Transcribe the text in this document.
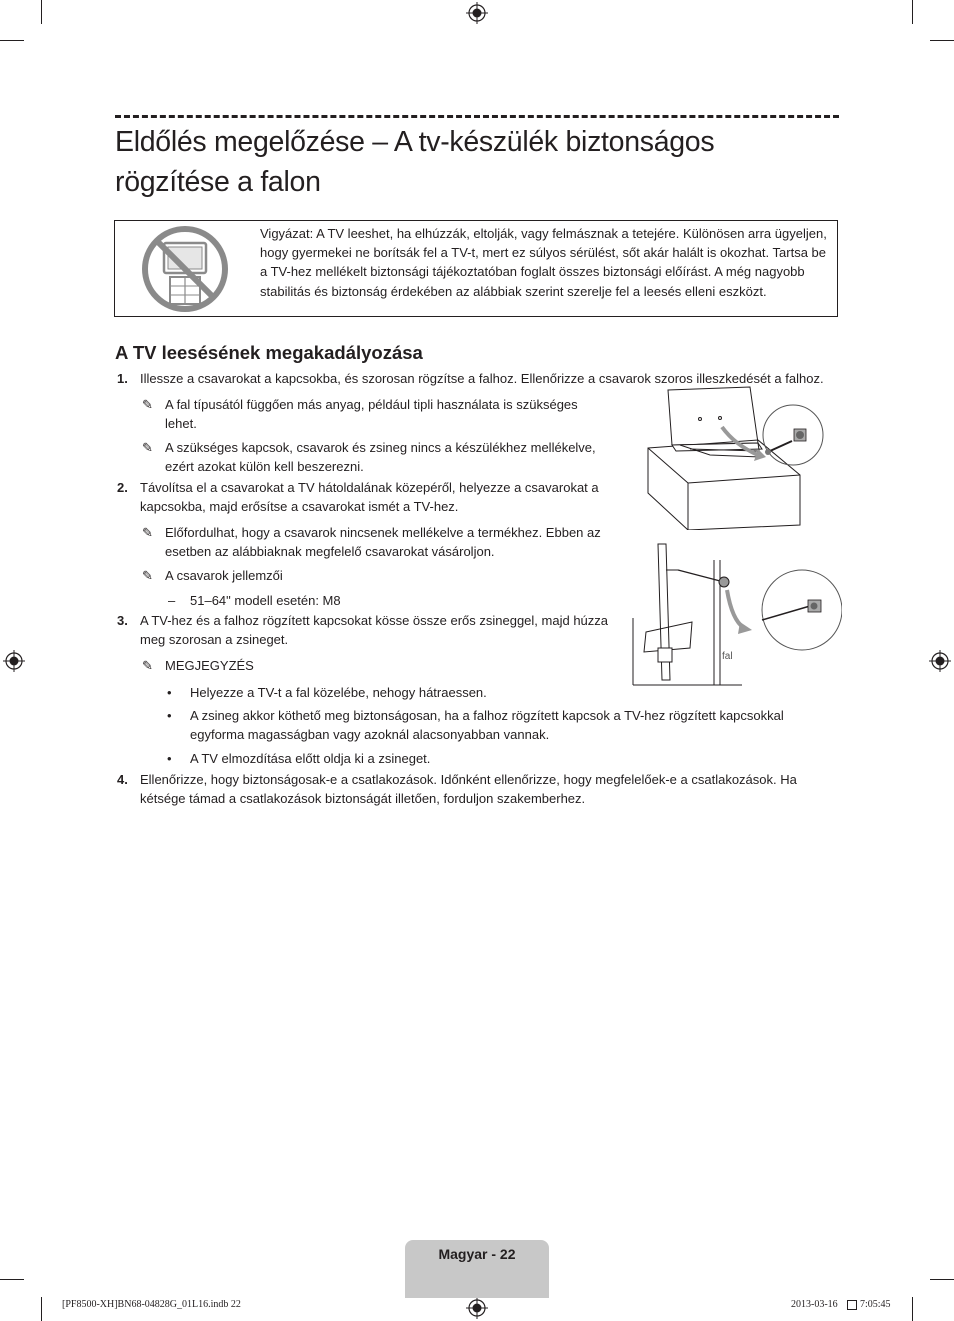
Eldőlés megelőzése – A tv-készülék biztonságos rögzítése a falon
Vigyázat: A TV leeshet, ha elhúzzák, eltolják, vagy felmásznak a tetejére. Különösen arra ügyeljen, hogy gyermekei ne borítsák fel a TV-t, mert ez súlyos sérülést, sőt akár halált is okozhat. Tartsa be a TV-hez mellékelt biztonsági tájékoztatóban foglalt összes biztonsági előírást. A még nagyobb stabilitás és biztonság érdekében az alábbiak szerint szerelje fel a leesés elleni eszközt.
A TV leesésének megakadályozása
1. Illessze a csavarokat a kapcsokba, és szorosan rögzítse a falhoz. Ellenőrizze a csavarok szoros illeszkedését a falhoz.
✎ A fal típusától függően más anyag, például tipli használata is szükséges lehet.
✎ A szükséges kapcsok, csavarok és zsineg nincs a készülékhez mellékelve, ezért azokat külön kell beszerezni.
2. Távolítsa el a csavarokat a TV hátoldalának közepéről, helyezze a csavarokat a kapcsokba, majd erősítse a csavarokat ismét a TV-hez.
✎ Előfordulhat, hogy a csavarok nincsenek mellékelve a termékhez. Ebben az esetben az alábbiaknak megfelelő csavarokat vásároljon.
✎ A csavarok jellemzői
– 51–64" modell esetén: M8
3. A TV-hez és a falhoz rögzített kapcsokat kösse össze erős zsineggel, majd húzza meg szorosan a zsineget.
✎ MEGJEGYZÉS
• Helyezze a TV-t a fal közelébe, nehogy hátraessen.
• A zsineg akkor köthető meg biztonságosan, ha a falhoz rögzített kapcsok a TV-hez rögzített kapcsokkal egyforma magasságban vagy azoknál alacsonyabban vannak.
• A TV elmozdítása előtt oldja ki a zsineget.
4. Ellenőrizze, hogy biztonságosak-e a csatlakozások. Időnként ellenőrizze, hogy megfelelőek-e a csatlakozások. Ha kétsége támad a csatlakozások biztonságát illetően, forduljon szakemberhez.
fal
Magyar - 22
[PF8500-XH]BN68-04828G_01L16.indb 22	2013-03-16 7:05:45
